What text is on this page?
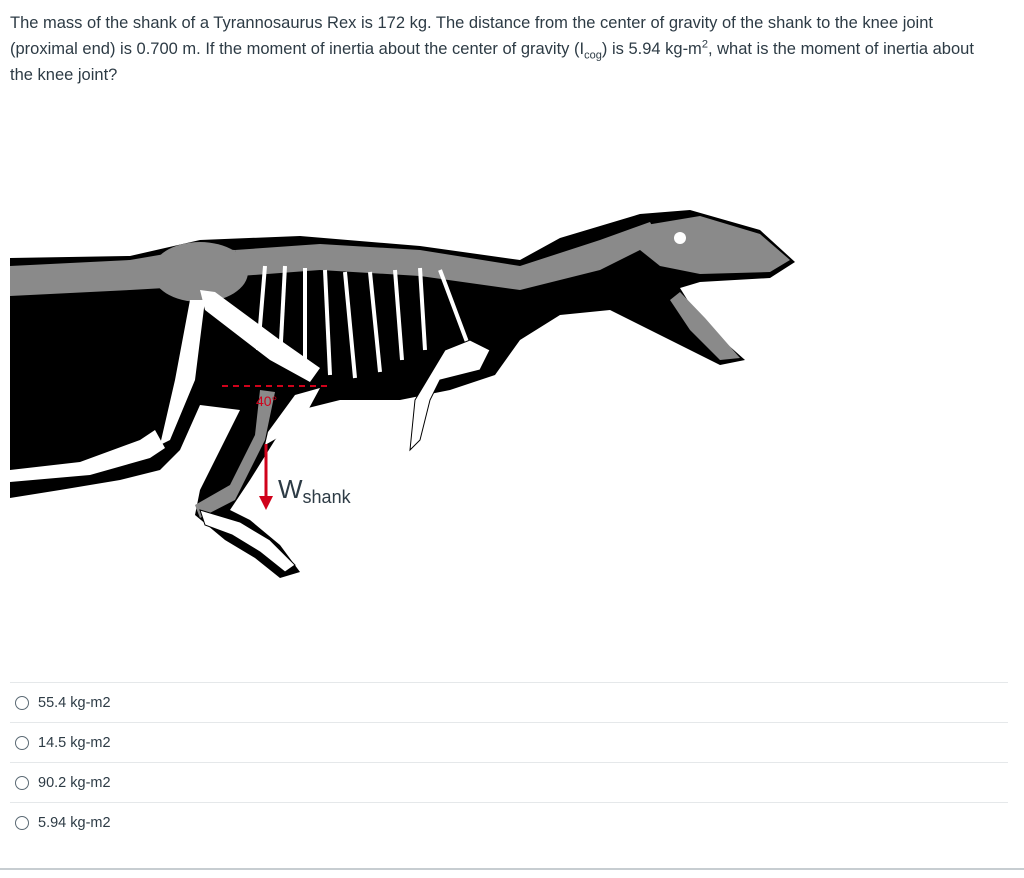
The mass of the shank of a Tyrannosaurus Rex is 172 kg. The distance from the center of gravity of the shank to the knee joint (proximal end) is 0.700 m. If the moment of inertia about the center of gravity $(I_{cog})$ is 5.94 $kg-m^2$, what is the moment of inertia about the knee joint?
40°
Wshank
55.4 kg-m2
14.5 kg-m2
90.2 kg-m2
5.94 kg-m2
